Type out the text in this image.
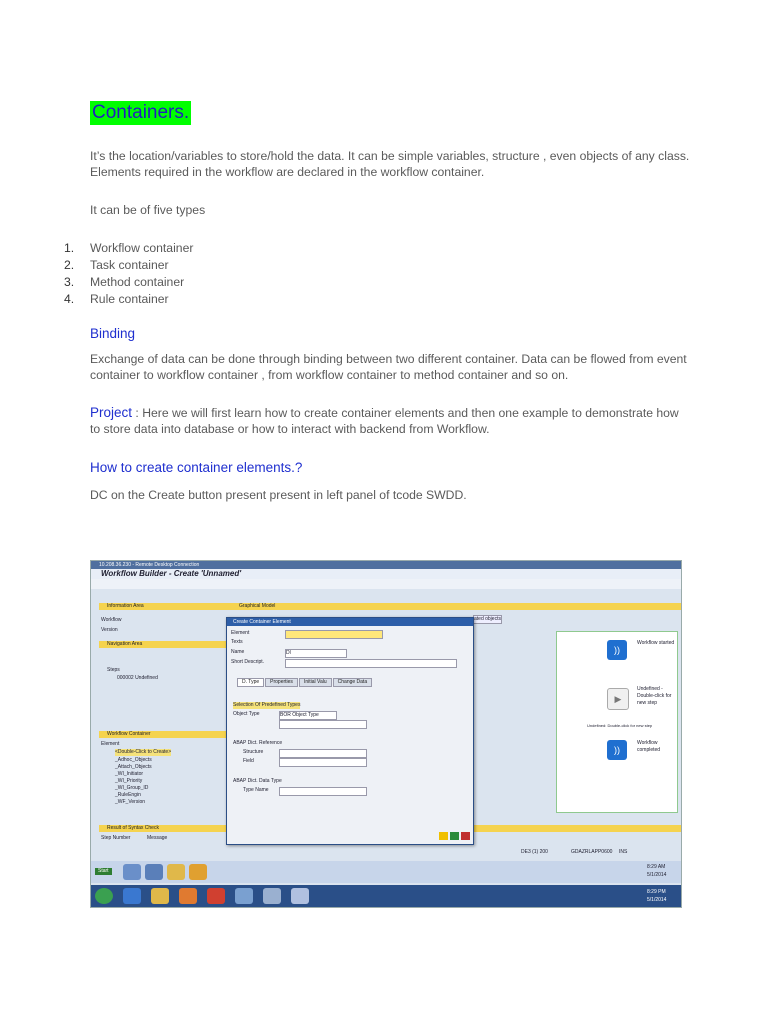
Containers.
It’s the location/variables to store/hold the data. It can be simple variables, structure , even objects of any class. Elements required in the workflow are declared in the workflow container.
It can be of five types
1.	Workflow container
2.	Task container
3.	Method container
4.	Rule container
Binding
Exchange of data can be done through binding between two different container. Data can be flowed from event container to workflow container , from workflow container to method container and so on.
Project : Here we will first learn how to create container elements and then one example to demonstrate how to store data into database or how to interact with backend from Workflow.
How to create container elements.?
DC on the Create button present present in left panel of tcode SWDD.
10.208.36.230 - Remote Desktop Connection
Workflow Builder - Create 'Unnamed'
Information Area	Graphical Model
Workflow
Version
Navigation Area
Steps
000002 Undefined
Workflow Container
Element
<Double-Click to Create>
_Adhoc_Objects
_Attach_Objects
_WI_Initiator
_WI_Priority
_WI_Group_ID
_RuleEngin
_WF_Version
Result of Syntax Check
Step Number	Message
ated objects
))
Workflow started
▶
Undefined - Double-click for new step
Undefined: Double-click for new step
))
Workflow completed
Create Container Element
Element
Texts
Name	Dl
Short Descript.
D. Type	Properties	Initial Valu	Change Data
Selection Of Predefined Types
Object Type	BOR Object Type
ABAP Dict. Reference
Structure
Field
ABAP Dict. Data Type
Type Name
DE3 (1) 200	GDAZRLAPP0600 INS
Start
8:29 AM
5/1/2014
8:29 PM
5/1/2014
